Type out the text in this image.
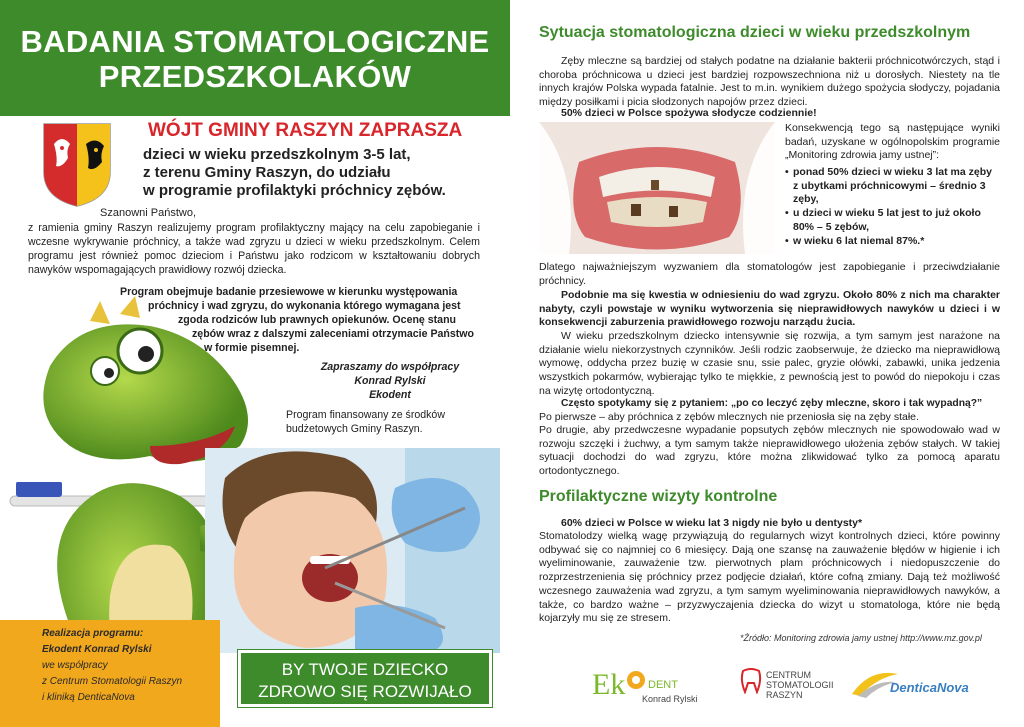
BADANIA STOMATOLOGICZNE
PRZEDSZKOLAKÓW
WÓJT GMINY RASZYN ZAPRASZA
dzieci w wieku przedszkolnym 3-5 lat,
z terenu Gminy Raszyn, do udziału
w programie profilaktyki próchnicy zębów.
Szanowni Państwo,
z ramienia gminy Raszyn realizujemy program profilaktyczny mający na celu zapobieganie i wczesne wykrywanie próchnicy, a także wad zgryzu u dzieci w wieku przedszkolnym. Celem programu jest również pomoc dzieciom i Państwu jako rodzicom w kształtowaniu dobrych nawyków wspomagających prawidłowy rozwój dziecka.
Program obejmuje badanie przesiewowe w kierunku występowania
próchnicy i wad zgryzu, do wykonania którego wymagana jest
zgoda rodziców lub prawnych opiekunów. Ocenę stanu
zębów wraz z dalszymi zaleceniami otrzymacie Państwo
w formie pisemnej.
Zapraszamy do współpracy
Konrad Rylski
Ekodent
Program finansowany ze środków budżetowych Gminy Raszyn.
Realizacja programu:
Ekodent Konrad Rylski
we współpracy
z Centrum Stomatologii Raszyn
i kliniką DenticaNova
BY TWOJE DZIECKO
ZDROWO SIĘ ROZWIJAŁO
Sytuacja stomatologiczna dzieci w wieku przedszkolnym
Zęby mleczne są bardziej od stałych podatne na działanie bakterii próchnicotwórczych, stąd i choroba próchnicowa u dzieci jest bardziej rozpowszechniona niż u dorosłych. Niestety na tle innych krajów Polska wypada fatalnie. Jest to m.in. wynikiem dużego spożycia słodyczy, pojadania między posiłkami i picia słodzonych napojów przez dzieci.
50% dzieci w Polsce spożywa słodycze codziennie!
Konsekwencją tego są następujące wyniki badań, uzyskane w ogólnopolskim programie „Monitoring zdrowia jamy ustnej”:
• ponad 50% dzieci w wieku 3 lat ma zęby z ubytkami próchnicowymi – średnio 3 zęby,
• u dzieci w wieku 5 lat jest to już około 80% – 5 zębów,
• w wieku 6 lat niemal 87%.*
Dlatego najważniejszym wyzwaniem dla stomatologów jest zapobieganie i przeciwdziałanie próchnicy.
Podobnie ma się kwestia w odniesieniu do wad zgryzu. Około 80% z nich ma charakter nabyty, czyli powstaje w wyniku wytworzenia się nieprawidłowych nawyków u dzieci i w konsekwencji zaburzenia prawidłowego rozwoju narządu żucia.
W wieku przedszkolnym dziecko intensywnie się rozwija, a tym samym jest narażone na działanie wielu niekorzystnych czynników. Jeśli rodzic zaobserwuje, że dziecko ma nieprawidłową wymowę, oddycha przez buzię w czasie snu, ssie palec, gryzie ołówki, zabawki, unika jedzenia wszystkich pokarmów, wybierając tylko te miękkie, z pewnością jest to powód do niepokoju i czas na wizytę ortodontyczną.
Często spotykamy się z pytaniem: „po co leczyć zęby mleczne, skoro i tak wypadną?”
Po pierwsze – aby próchnica z zębów mlecznych nie przeniosła się na zęby stałe.
Po drugie, aby przedwczesne wypadanie popsutych zębów mlecznych nie spowodowało wad w rozwoju szczęki i żuchwy, a tym samym także nieprawidłowego ułożenia zębów stałych. W takiej sytuacji dochodzi do wad zgryzu, które można zlikwidować tylko za pomocą aparatu ortodontycznego.
Profilaktyczne wizyty kontrolne
60% dzieci w Polsce w wieku lat 3 nigdy nie było u dentysty*
Stomatolodzy wielką wagę przywiązują do regularnych wizyt kontrolnych dzieci, które powinny odbywać się co najmniej co 6 miesięcy. Dają one szansę na zauważenie błędów w higienie i ich wyeliminowanie, zauważenie tzw. pierwotnych plam próchnicowych i niedopuszczenie do rozprzestrzenienia się próchnicy przez podjęcie działań, które cofną zmiany. Dają też możliwość wczesnego zauważenia wad zgryzu, a tym samym wyeliminowania nieprawidłowych nawyków, a także, co bardzo ważne – przyzwyczajenia dziecka do wizyt u stomatologa, które nie będą kojarzyły mu się ze stresem.
*Źródło: Monitoring zdrowia jamy ustnej http://www.mz.gov.pl
Ek DENT
Konrad Rylski
CENTRUM
STOMATOLOGII
RASZYN	DenticaNova
